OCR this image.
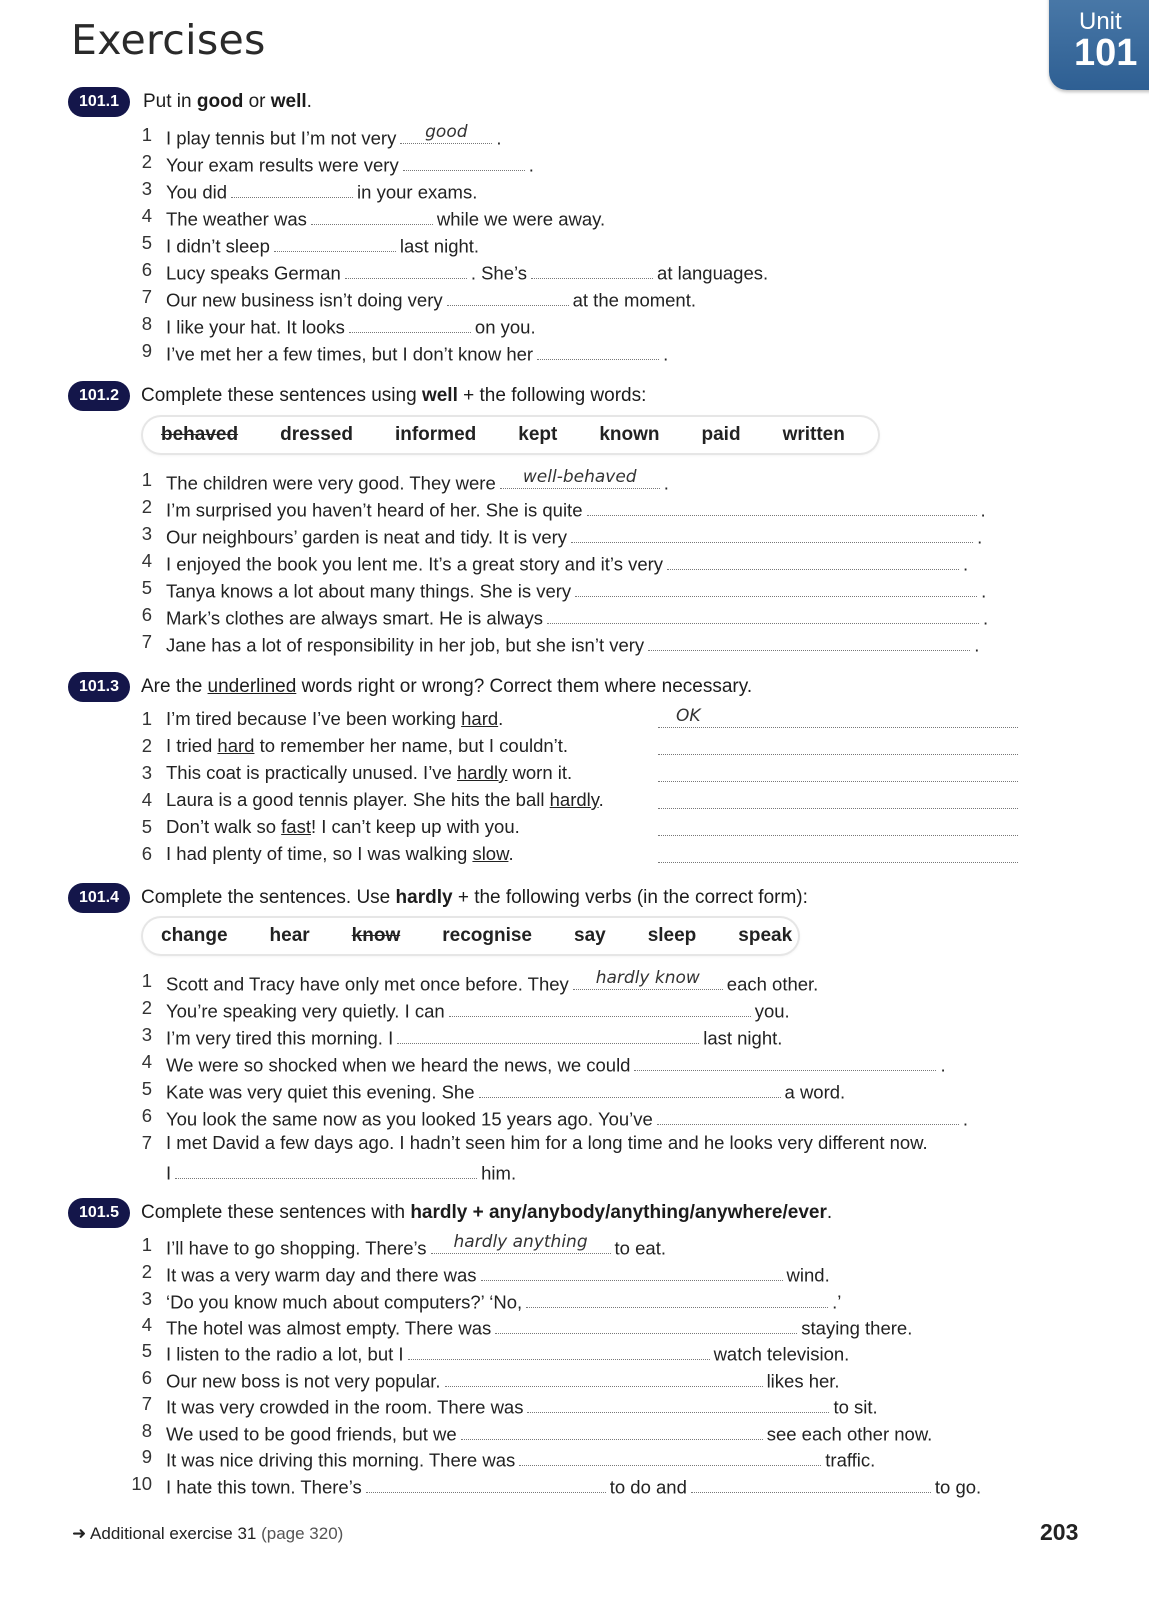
Exercises	Unit
101
101.1	Put in good or well.
1 I play tennis but I’m not very	good	.
2 Your exam results were very	.
3 You did	in your exams.
4 The weather was	while we were away.
5 I didn’t sleep	last night.
6 Lucy speaks German	. She’s	at languages.
7 Our new business isn’t doing very	at the moment.
8 I like your hat. It looks	on you.
9 I’ve met her a few times, but I don’t know her	.
101.2	Complete these sentences using well + the following words:
behaved dressed informed kept known paid written
1 The children were very good. They were	well-behaved	.
2 I’m surprised you haven’t heard of her. She is quite	.
3 Our neighbours’ garden is neat and tidy. It is very	.
4 I enjoyed the book you lent me. It’s a great story and it’s very	.
5 Tanya knows a lot about many things. She is very	.
6 Mark’s clothes are always smart. He is always	.
7 Jane has a lot of responsibility in her job, but she isn’t very	.
101.3	Are the underlined words right or wrong? Correct them where necessary.
1 I’m tired because I’ve been working hard.	OK
2 I tried hard to remember her name, but I couldn’t.
3 This coat is practically unused. I’ve hardly worn it.
4 Laura is a good tennis player. She hits the ball hardly.
5 Don’t walk so fast! I can’t keep up with you.
6 I had plenty of time, so I was walking slow.
101.4	Complete the sentences. Use hardly + the following verbs (in the correct form):
change hear know recognise say sleep speak
1 Scott and Tracy have only met once before. They	hardly know	each other.
2 You’re speaking very quietly. I can	you.
3 I’m very tired this morning. I	last night.
4 We were so shocked when we heard the news, we could	.
5 Kate was very quiet this evening. She	a word.
6 You look the same now as you looked 15 years ago. You’ve	.
7 I met David a few days ago. I hadn’t seen him for a long time and he looks very different now.
I	him.
101.5	Complete these sentences with hardly + any/anybody/anything/anywhere/ever.
1 I’ll have to go shopping. There’s	hardly anything	to eat.
2 It was a very warm day and there was	wind.
3 ‘Do you know much about computers?’ ‘No,	.’
4 The hotel was almost empty. There was	staying there.
5 I listen to the radio a lot, but I	watch television.
6 Our new boss is not very popular.	likes her.
7 It was very crowded in the room. There was	to sit.
8 We used to be good friends, but we	see each other now.
9 It was nice driving this morning. There was	traffic.
10 I hate this town. There’s	to do and	to go.
➜ Additional exercise 31 (page 320)	203
